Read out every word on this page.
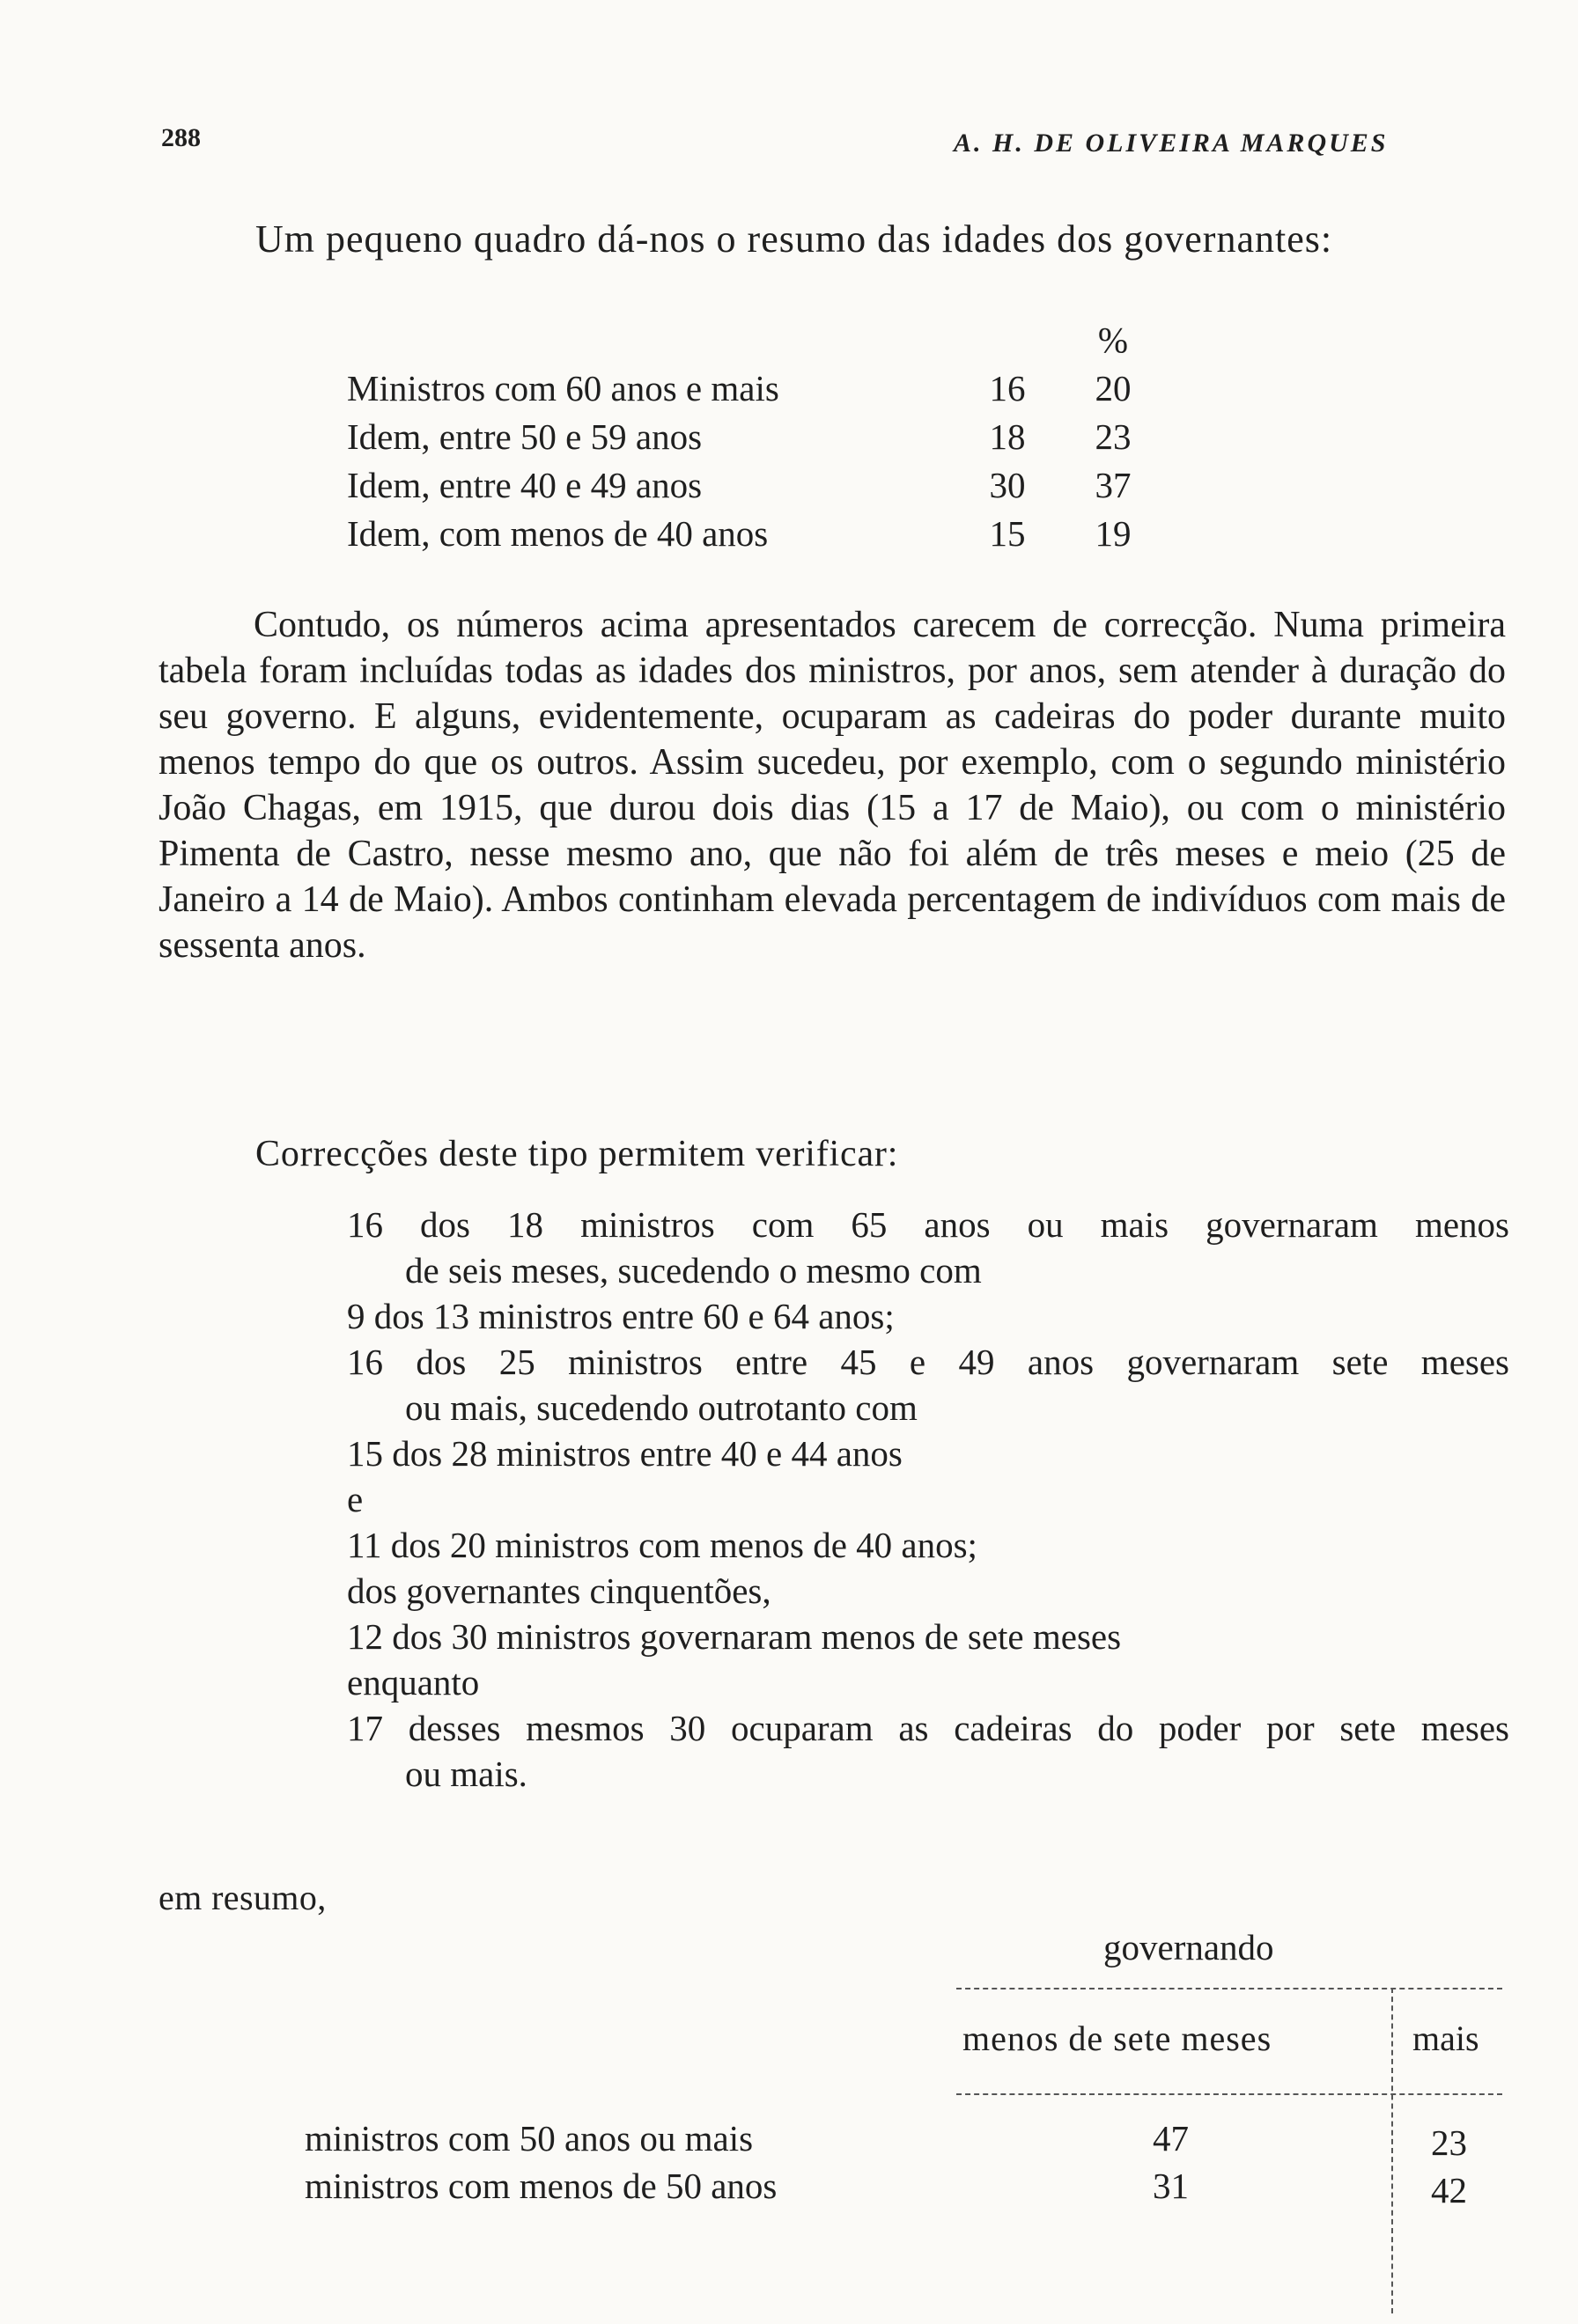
288	A. H. DE OLIVEIRA MARQUES
Um pequeno quadro dá-nos o resumo das idades dos governantes:
		%
Ministros com 60 anos e mais	16	20
Idem, entre 50 e 59 anos	18	23
Idem, entre 40 e 49 anos	30	37
Idem, com menos de 40 anos	15	19
Contudo, os números acima apresentados carecem de correcção. Numa primeira tabela foram incluídas todas as idades dos ministros, por anos, sem atender à duração do seu governo. E alguns, evidentemente, ocuparam as cadeiras do poder durante muito menos tempo do que os outros. Assim sucedeu, por exemplo, com o segundo ministério João Chagas, em 1915, que durou dois dias (15 a 17 de Maio), ou com o ministério Pimenta de Castro, nesse mesmo ano, que não foi além de três meses e meio (25 de Janeiro a 14 de Maio). Ambos continham elevada percentagem de indivíduos com mais de sessenta anos.
Correcções deste tipo permitem verificar:
16 dos 18 ministros com 65 anos ou mais governaram menos
de seis meses, sucedendo o mesmo com
9 dos 13 ministros entre 60 e 64 anos;
16 dos 25 ministros entre 45 e 49 anos governaram sete meses
ou mais, sucedendo outrotanto com
15 dos 28 ministros entre 40 e 44 anos
e
11 dos 20 ministros com menos de 40 anos;
dos governantes cinquentões,
12 dos 30 ministros governaram menos de sete meses
enquanto
17 desses mesmos 30 ocuparam as cadeiras do poder por sete meses
ou mais.
em resumo,
governando
menos de sete meses	mais
ministros com 50 anos ou mais	47	23
ministros com menos de 50 anos	31	42
